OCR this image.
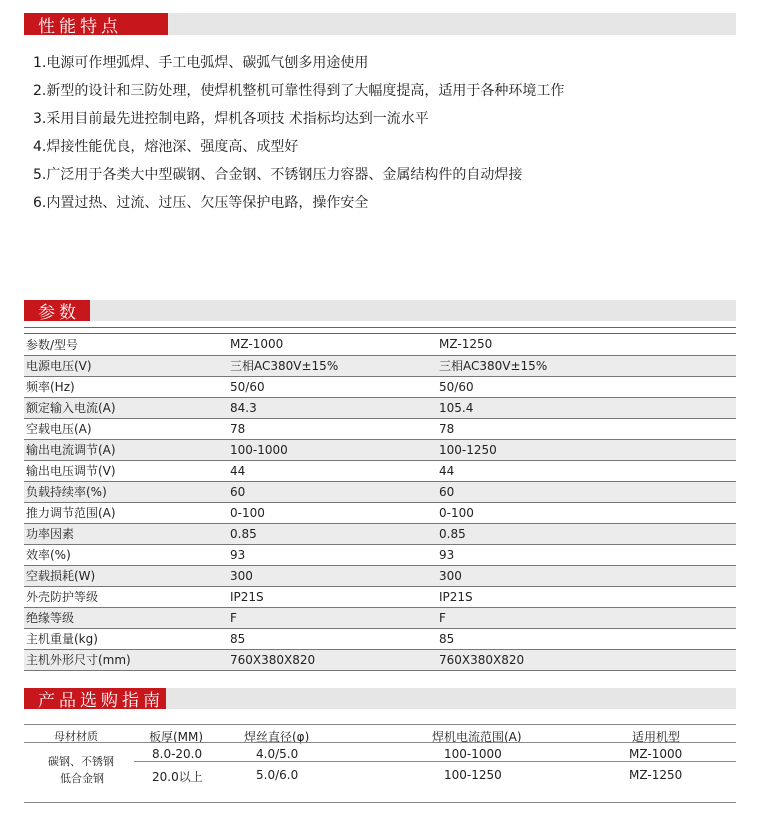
性能特点
1.电源可作埋弧焊、手工电弧焊、碳弧气刨多用途使用
2.新型的设计和三防处理，使焊机整机可靠性得到了大幅度提高，适用于各种环境工作
3.采用目前最先进控制电路，焊机各项技 术指标均达到一流水平
4.焊接性能优良，熔池深、强度高、成型好
5.广泛用于各类大中型碳钢、合金钢、不锈钢压力容器、金属结构件的自动焊接
6.内置过热、过流、过压、欠压等保护电路，操作安全
参数
参数/型号	MZ-1000	MZ-1250
电源电压(V)	三相AC380V±15%	三相AC380V±15%
频率(Hz)	50/60	50/60
额定输入电流(A)	84.3	105.4
空载电压(A)	78	78
输出电流调节(A)	100-1000	100-1250
输出电压调节(V)	44	44
负载持续率(%)	60	60
推力调节范围(A)	0-100	0-100
功率因素	0.85	0.85
效率(%)	93	93
空载损耗(W)	300	300
外壳防护等级	IP21S	IP21S
绝缘等级	F	F
主机重量(kg)	85	85
主机外形尺寸(mm)	760X380X820	760X380X820
产品选购指南
母材材质	板厚(MM)	焊丝直径(φ)	焊机电流范围(A)	适用机型
碳钢、不锈钢
低合金钢
8.0-20.0	4.0/5.0	100-1000	MZ-1000
20.0以上	5.0/6.0	100-1250	MZ-1250
